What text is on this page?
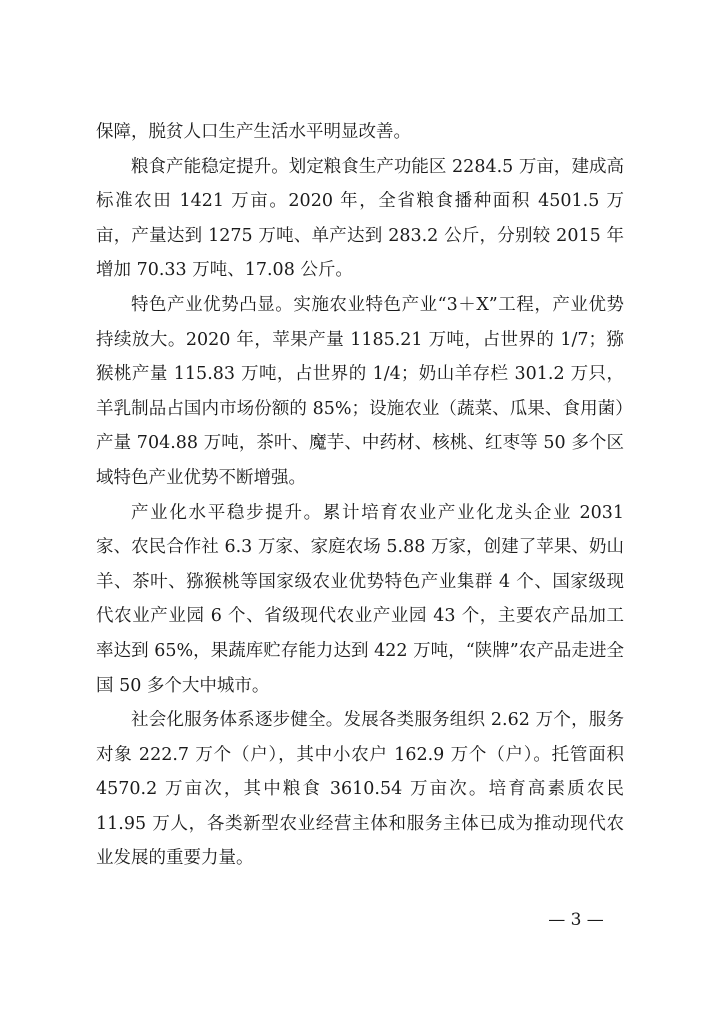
保障，脱贫人口生产生活水平明显改善。

粮食产能稳定提升。划定粮食生产功能区 2284.5 万亩，建成高标准农田 1421 万亩。2020 年，全省粮食播种面积 4501.5 万亩，产量达到 1275 万吨、单产达到 283.2 公斤，分别较 2015 年增加 70.33 万吨、17.08 公斤。

特色产业优势凸显。实施农业特色产业“3＋X”工程，产业优势持续放大。2020 年，苹果产量 1185.21 万吨，占世界的 1/7；猕猴桃产量 115.83 万吨，占世界的 1/4；奶山羊存栏 301.2 万只，羊乳制品占国内市场份额的 85%；设施农业（蔬菜、瓜果、食用菌）产量 704.88 万吨，茶叶、魔芋、中药材、核桃、红枣等 50 多个区域特色产业优势不断增强。

产业化水平稳步提升。累计培育农业产业化龙头企业 2031 家、农民合作社 6.3 万家、家庭农场 5.88 万家，创建了苹果、奶山羊、茶叶、猕猴桃等国家级农业优势特色产业集群 4 个、国家级现代农业产业园 6 个、省级现代农业产业园 43 个，主要农产品加工率达到 65%，果蔬库贮存能力达到 422 万吨，“陕牌”农产品走进全国 50 多个大中城市。

社会化服务体系逐步健全。发展各类服务组织 2.62 万个，服务对象 222.7 万个（户），其中小农户 162.9 万个（户）。托管面积 4570.2 万亩次，其中粮食 3610.54 万亩次。培育高素质农民 11.95 万人，各类新型农业经营主体和服务主体已成为推动现代农业发展的重要力量。

— 3 —
